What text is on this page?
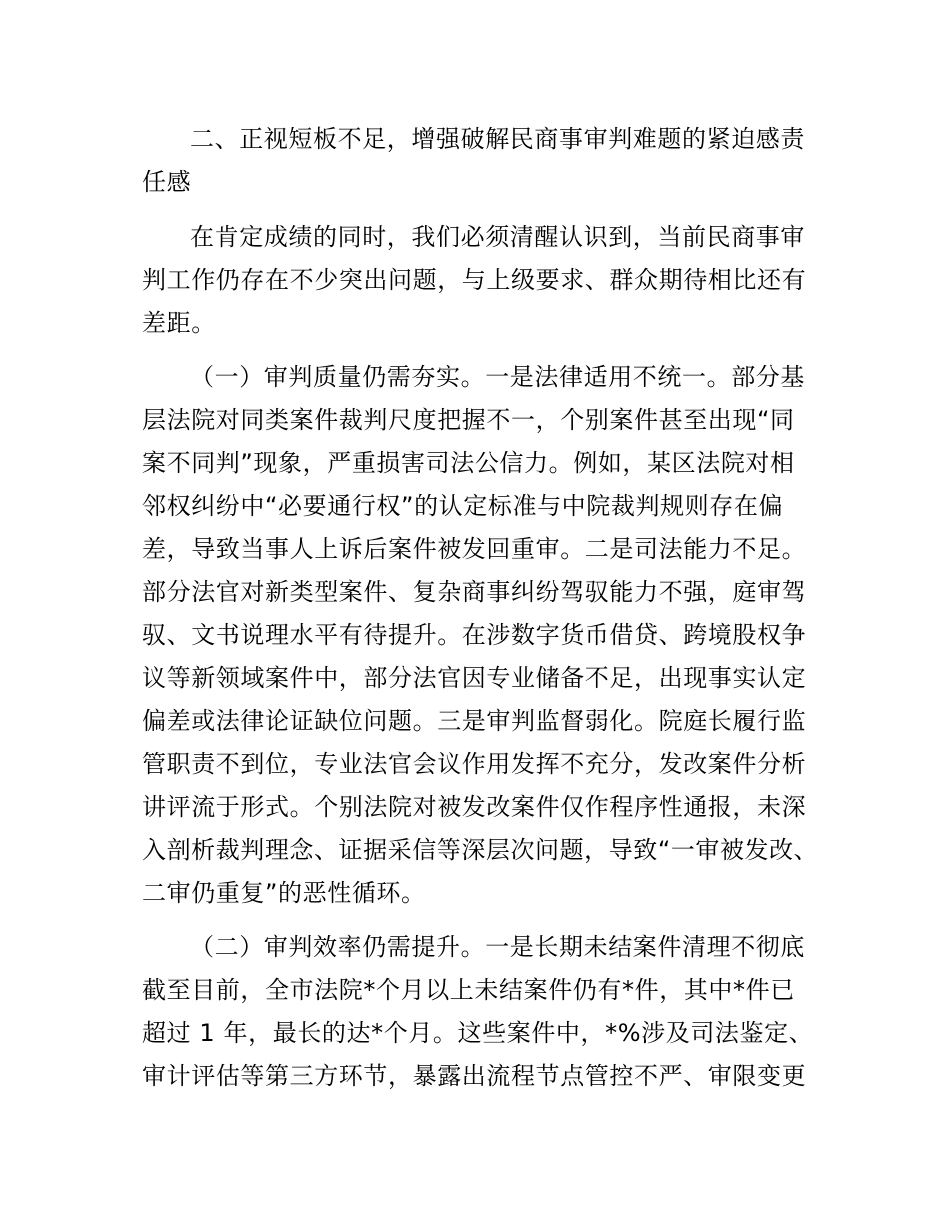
二、正视短板不足，增强破解民商事审判难题的紧迫感责

任感

在肯定成绩的同时，我们必须清醒认识到，当前民商事审

判工作仍存在不少突出问题，与上级要求、群众期待相比还有

差距。

（一）审判质量仍需夯实。一是法律适用不统一。部分基

层法院对同类案件裁判尺度把握不一，个别案件甚至出现“同

案不同判”现象，严重损害司法公信力。例如，某区法院对相

邻权纠纷中“必要通行权”的认定标准与中院裁判规则存在偏

差，导致当事人上诉后案件被发回重审。二是司法能力不足。

部分法官对新类型案件、复杂商事纠纷驾驭能力不强，庭审驾

驭、文书说理水平有待提升。在涉数字货币借贷、跨境股权争

议等新领域案件中，部分法官因专业储备不足，出现事实认定

偏差或法律论证缺位问题。三是审判监督弱化。院庭长履行监

管职责不到位，专业法官会议作用发挥不充分，发改案件分析

讲评流于形式。个别法院对被发改案件仅作程序性通报，未深

入剖析裁判理念、证据采信等深层次问题，导致“一审被发改、

二审仍重复”的恶性循环。

（二）审判效率仍需提升。一是长期未结案件清理不彻底

截至目前，全市法院*个月以上未结案件仍有*件，其中*件已

超过 1 年，最长的达*个月。这些案件中，*%涉及司法鉴定、

审计评估等第三方环节，暴露出流程节点管控不严、审限变更
